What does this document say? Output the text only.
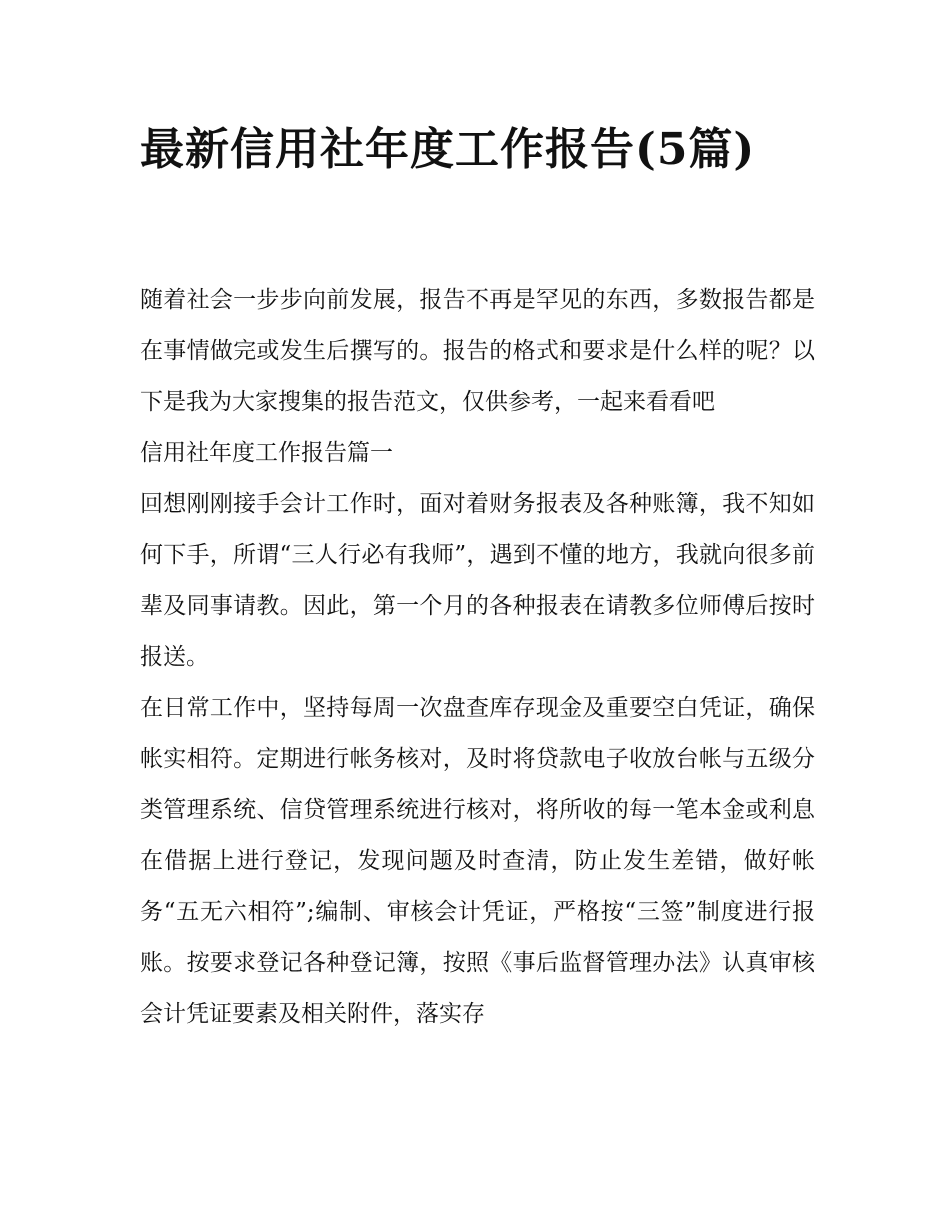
最新信用社年度工作报告(5篇)

随着社会一步步向前发展，报告不再是罕见的东西，多数报告都是在事情做完或发生后撰写的。报告的格式和要求是什么样的呢？以下是我为大家搜集的报告范文，仅供参考，一起来看看吧

信用社年度工作报告篇一

回想刚刚接手会计工作时，面对着财务报表及各种账簿，我不知如何下手，所谓“三人行必有我师”，遇到不懂的地方，我就向很多前辈及同事请教。因此，第一个月的各种报表在请教多位师傅后按时报送。

在日常工作中，坚持每周一次盘查库存现金及重要空白凭证，确保帐实相符。定期进行帐务核对，及时将贷款电子收放台帐与五级分类管理系统、信贷管理系统进行核对，将所收的每一笔本金或利息在借据上进行登记，发现问题及时查清，防止发生差错，做好帐务“五无六相符”;编制、审核会计凭证，严格按“三签”制度进行报账。按要求登记各种登记簿，按照《事后监督管理办法》认真审核会计凭证要素及相关附件，落实存
